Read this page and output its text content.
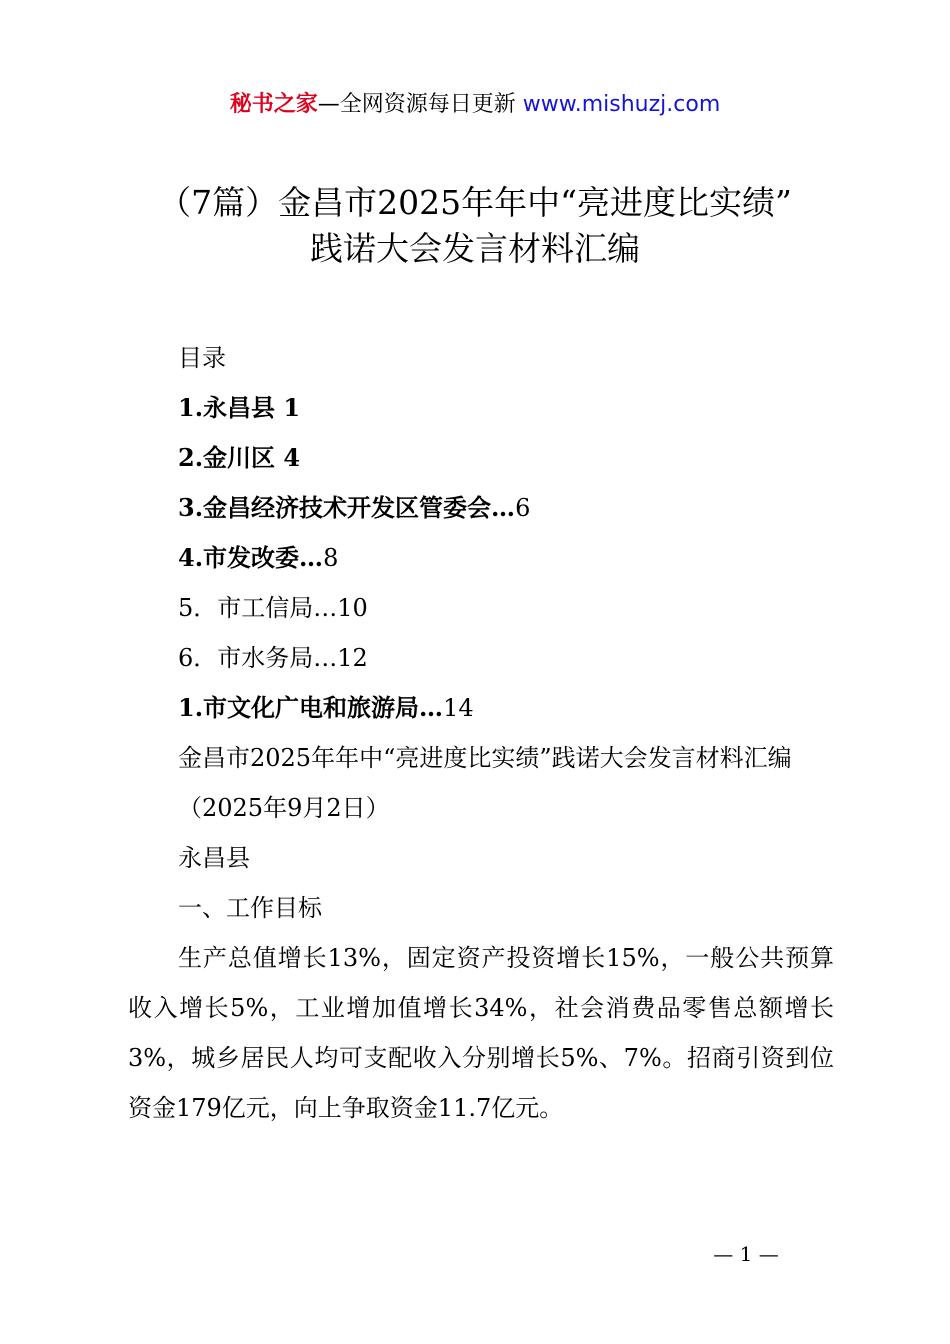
秘书之家—全网资源每日更新 www.mishuzj.com
（7篇）金昌市2025年年中“亮进度比实绩”
践诺大会发言材料汇编

目录

1.永昌县 1

2.金川区 4

3.金昌经济技术开发区管委会…6

4.市发改委…8

5．市工信局…10

6．市水务局…12

1.市文化广电和旅游局…14

金昌市2025年年中“亮进度比实绩”践诺大会发言材料汇编

（2025年9月2日）

永昌县

一、工作目标

生产总值增长13%，固定资产投资增长15%，一般公共预算收入增长5%，工业增加值增长34%，社会消费品零售总额增长3%，城乡居民人均可支配收入分别增长5%、7%。招商引资到位资金179亿元，向上争取资金11.7亿元。

— 1 —
